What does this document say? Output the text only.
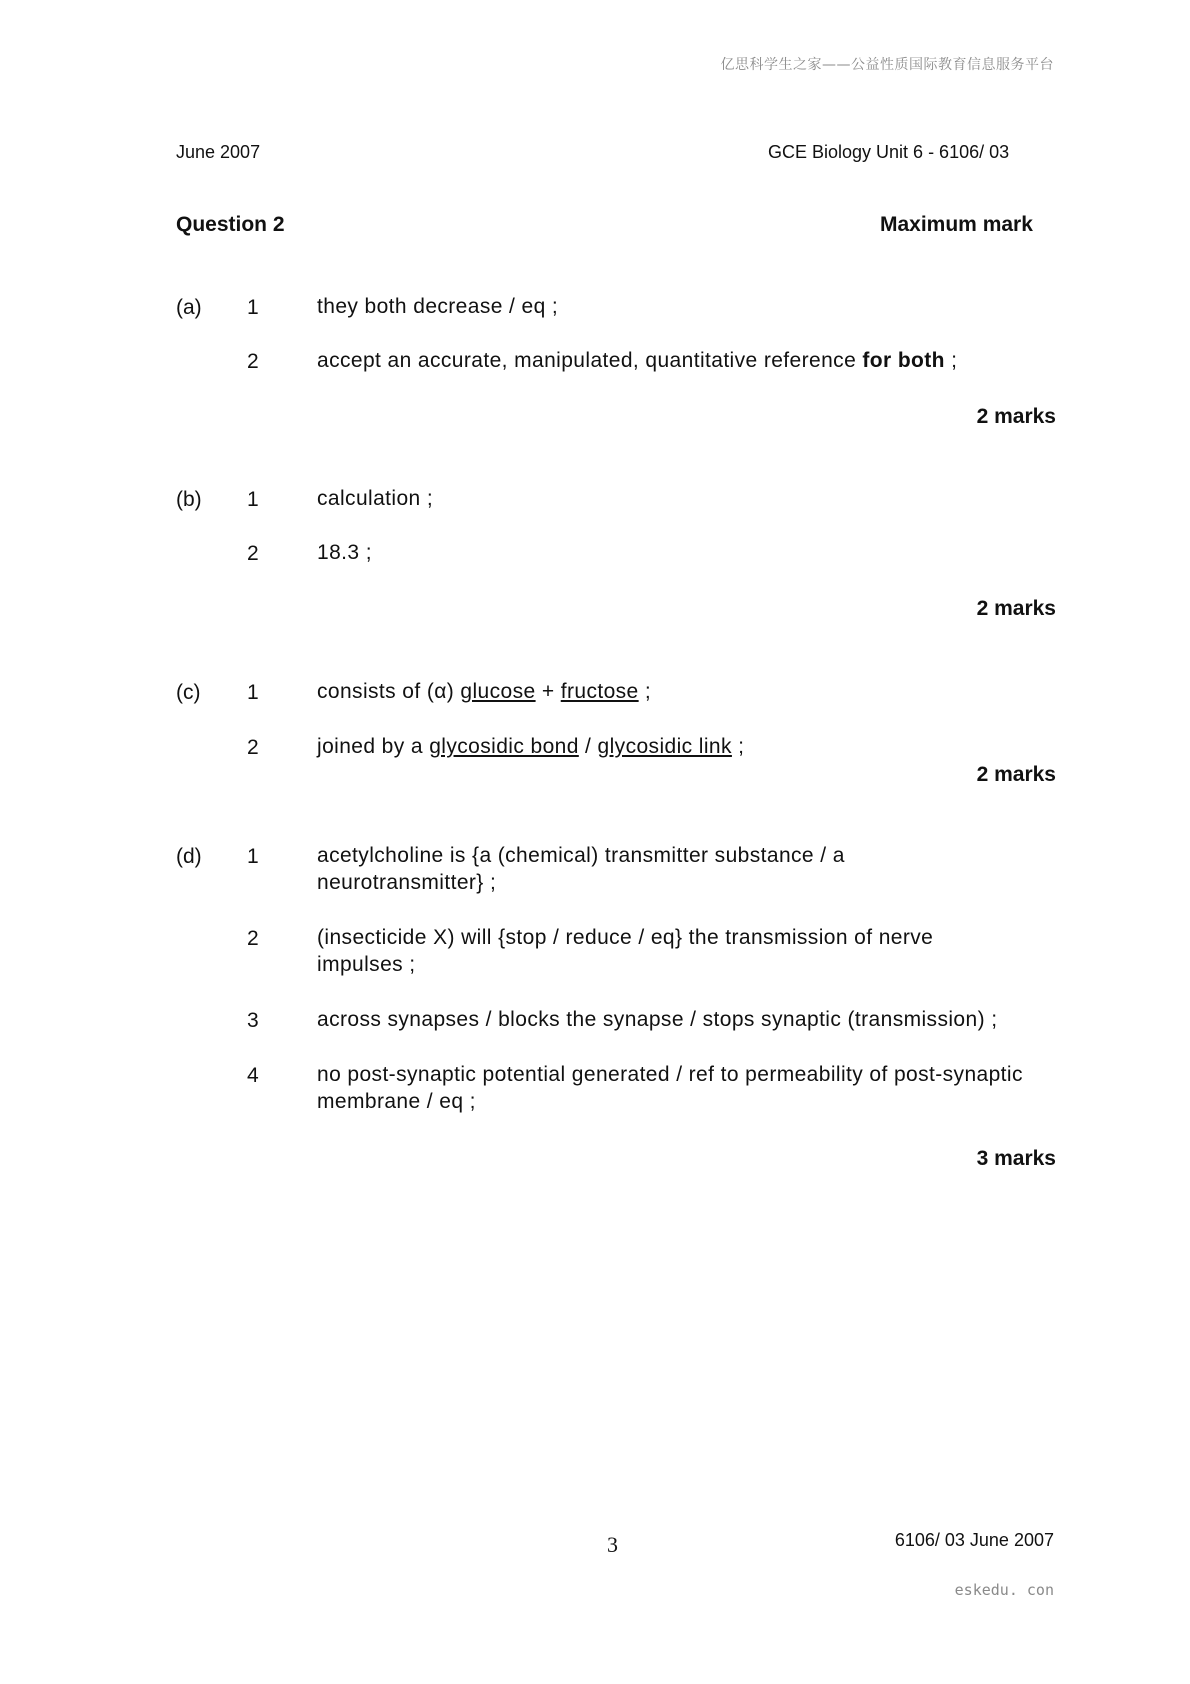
亿思科学生之家——公益性质国际教育信息服务平台
June 2007	GCE Biology Unit 6 - 6106/ 03
Question 2	Maximum mark
(a) 1	they both decrease / eq ;
2	accept an accurate, manipulated, quantitative reference for both ;
2 marks
(b) 1	calculation ;
2	18.3 ;
2 marks
(c) 1	consists of (α) glucose + fructose ;
2	joined by a glycosidic bond / glycosidic link ;
2 marks
(d) 1	acetylcholine is {a (chemical) transmitter substance / a neurotransmitter} ;
2	(insecticide X) will {stop / reduce / eq} the transmission of nerve impulses ;
3	across synapses / blocks the synapse / stops synaptic (transmission) ;
4	no post-synaptic potential generated / ref to permeability of post-synaptic membrane / eq ;
3 marks
3	6106/ 03 June 2007
eskedu. con
